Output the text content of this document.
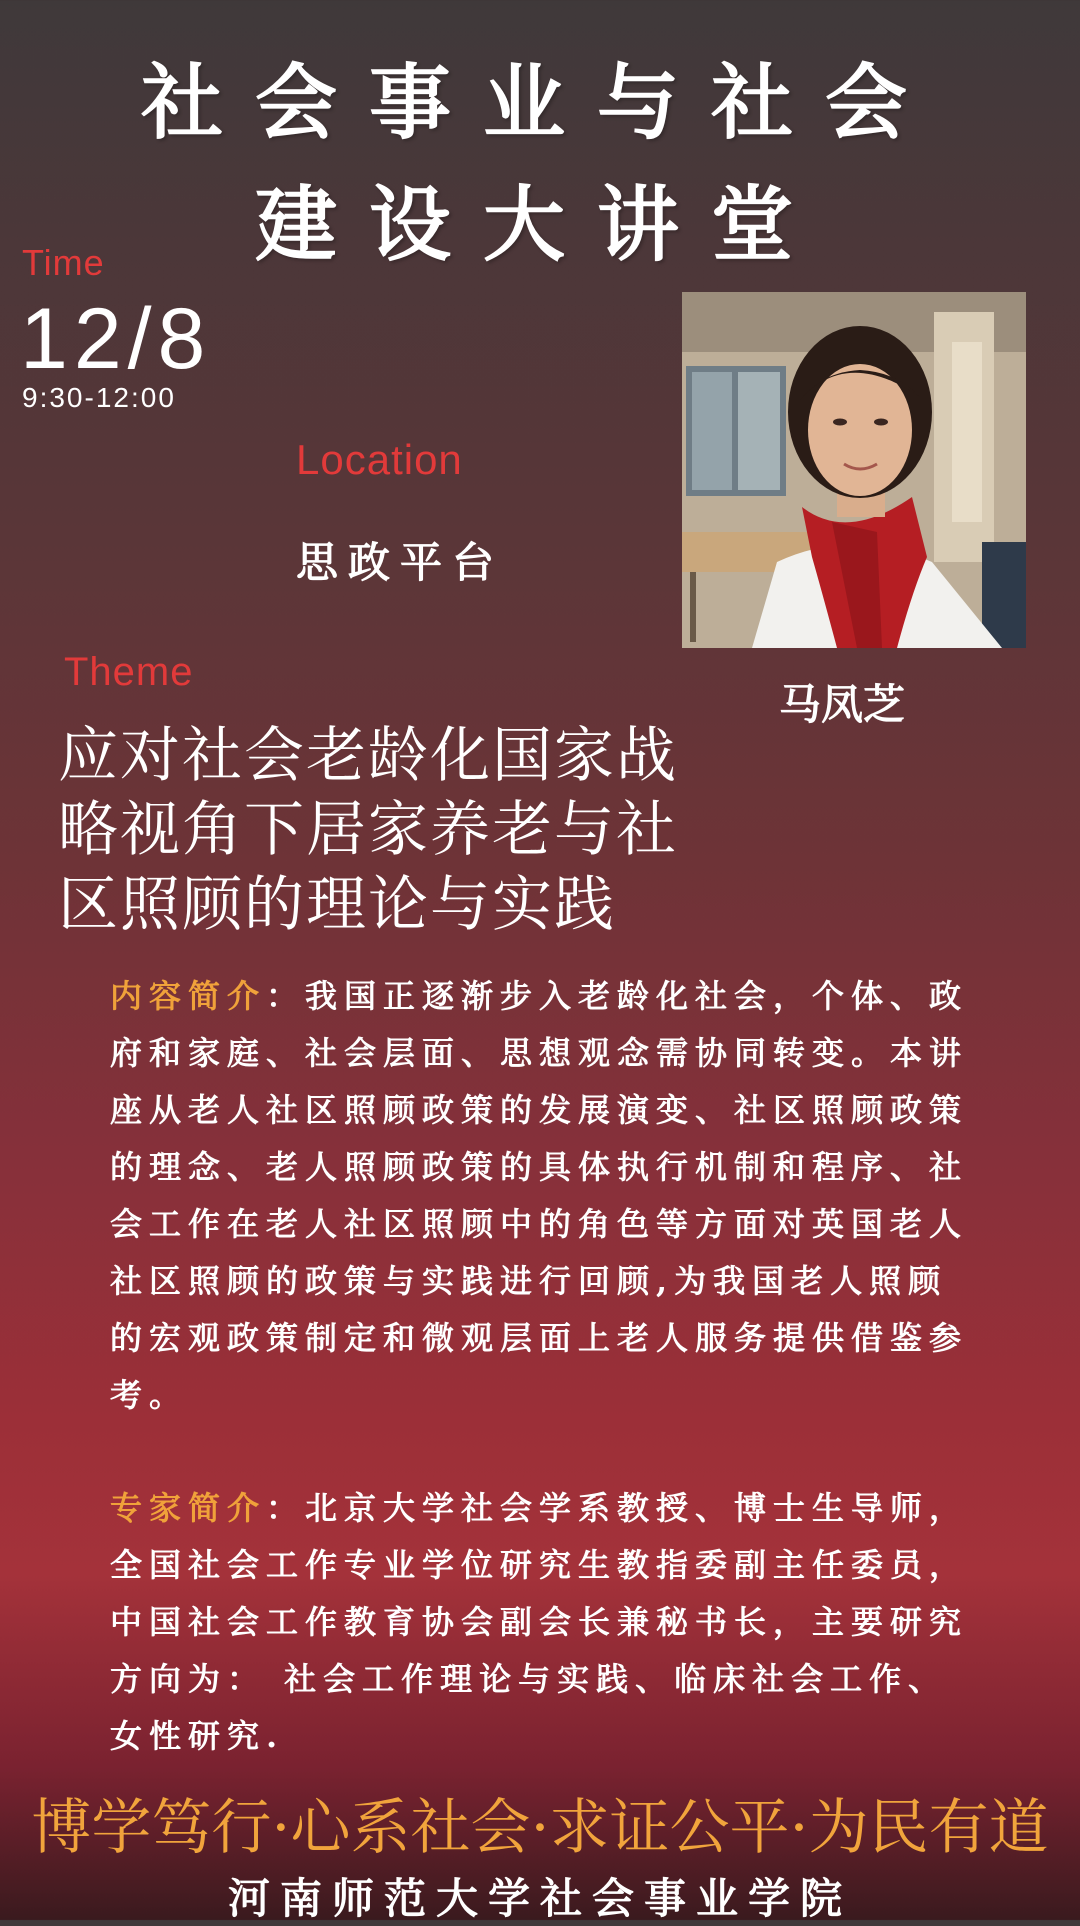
社会事业与社会
建设大讲堂
Time
12/8
9:30-12:00
Location
思政平台
马凤芝
Theme
应对社会老龄化国家战
略视角下居家养老与社
区照顾的理论与实践
内容简介：我国正逐渐步入老龄化社会，个体、政府和家庭、社会层面、思想观念需协同转变。本讲座从老人社区照顾政策的发展演变、社区照顾政策的理念、老人照顾政策的具体执行机制和程序、社会工作在老人社区照顾中的角色等方面对英国老人社区照顾的政策与实践进行回顾,为我国老人照顾的宏观政策制定和微观层面上老人服务提供借鉴参考。
专家简介：北京大学社会学系教授、博士生导师，全国社会工作专业学位研究生教指委副主任委员，中国社会工作教育协会副会长兼秘书长，主要研究方向为： 社会工作理论与实践、临床社会工作、女性研究.
博学笃行·心系社会·求证公平·为民有道
河南师范大学社会事业学院
